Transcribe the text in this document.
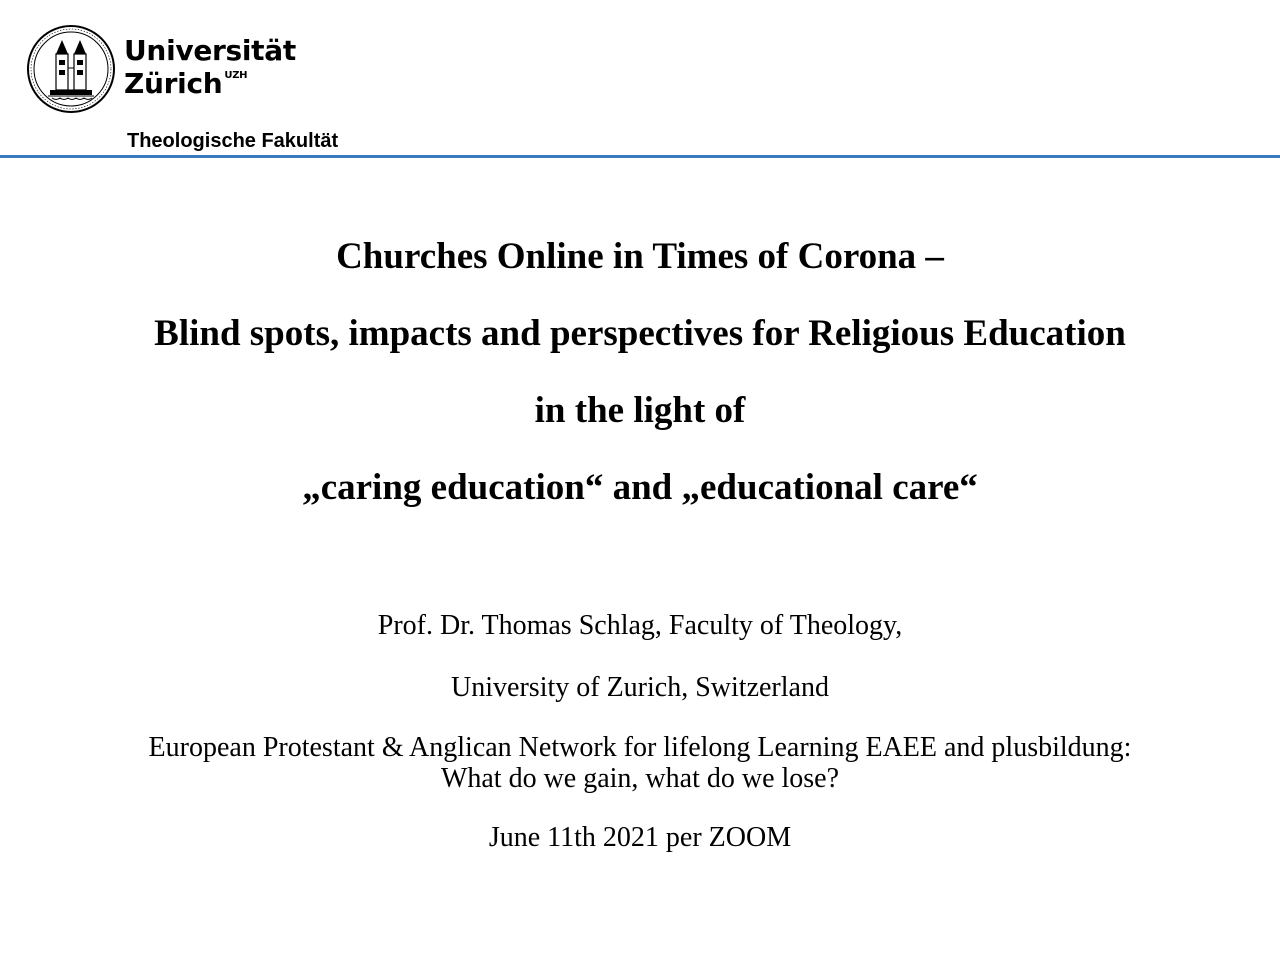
Universität
Zürich UZH
Theologische Fakultät
Churches Online in Times of Corona –
Blind spots, impacts and perspectives for Religious Education
in the light of
„caring education“ and „educational care“
Prof. Dr. Thomas Schlag, Faculty of Theology,
University of Zurich, Switzerland
European Protestant & Anglican Network for lifelong Learning EAEE and plusbildung:
What do we gain, what do we lose?
June 11th 2021 per ZOOM
